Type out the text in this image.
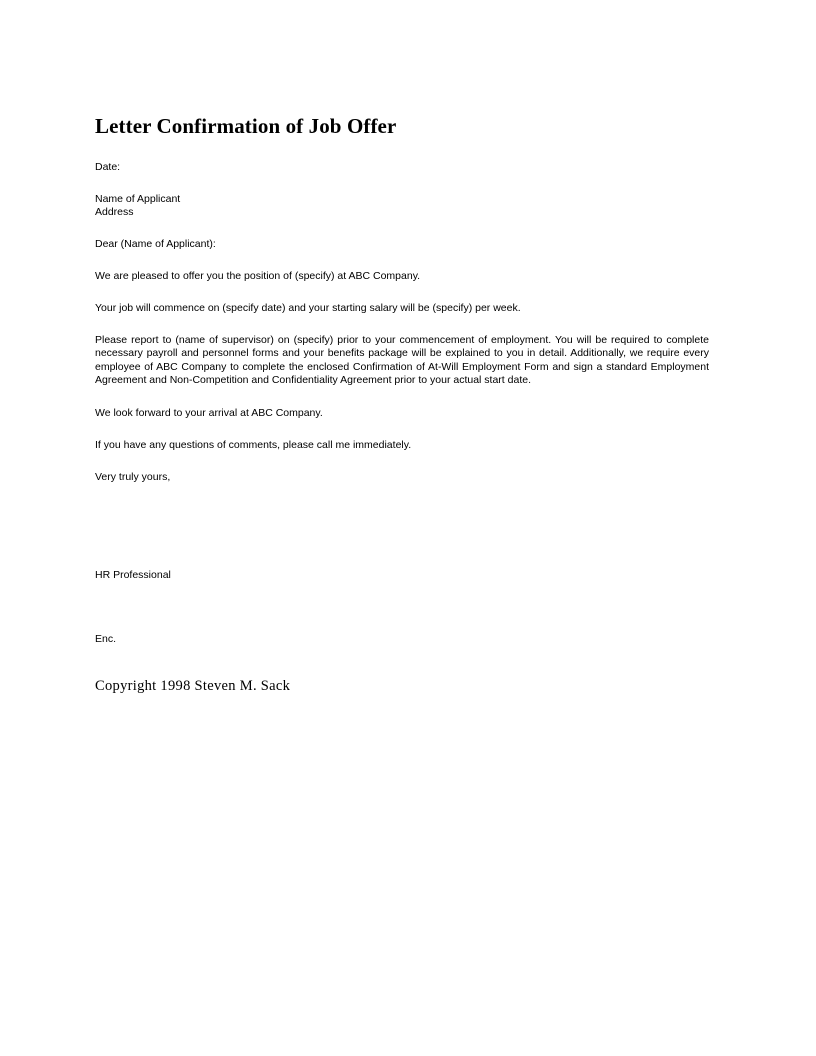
Letter Confirmation of Job Offer
Date:
Name of Applicant
Address
Dear (Name of Applicant):
We are pleased to offer you the position of (specify) at ABC Company.
Your job will commence on (specify date) and your starting salary will be (specify) per week.
Please report to (name of supervisor) on (specify) prior to your commencement of employment. You will be required to complete necessary payroll and personnel forms and your benefits package will be explained to you in detail. Additionally, we require every employee of ABC Company to complete the enclosed Confirmation of At-Will Employment Form and sign a standard Employment Agreement and Non-Competition and Confidentiality Agreement prior to your actual start date.
We look forward to your arrival at ABC Company.
If you have any questions of comments, please call me immediately.
Very truly yours,
HR Professional
Enc.
Copyright 1998 Steven M. Sack
